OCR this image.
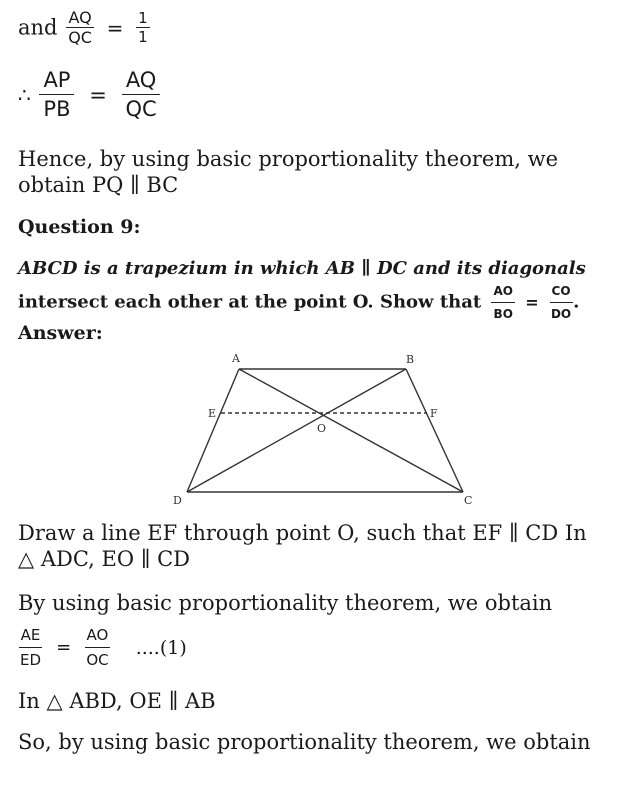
and $\frac{AQ}{QC} = \frac{1}{1}$
∴ $\frac{AP}{PB} = \frac{AQ}{QC}$
Hence, by using basic proportionality theorem, we
obtain PQ ∥ BC
Question 9:
ABCD is a trapezium in which AB ∥ DC and its diagonals
intersect each other at the point O. Show that $\frac{AO}{BO} = \frac{CO}{DO}$ .
Answer:
A	B
C
D
E	F
O
Draw a line EF through point O, such that EF ∥ CD In
△ ADC, EO ∥ CD
By using basic proportionality theorem, we obtain
$\frac{AE}{ED} = \frac{AO}{OC} ....(1)$
In △ ABD, OE ∥ AB
So, by using basic proportionality theorem, we obtain
